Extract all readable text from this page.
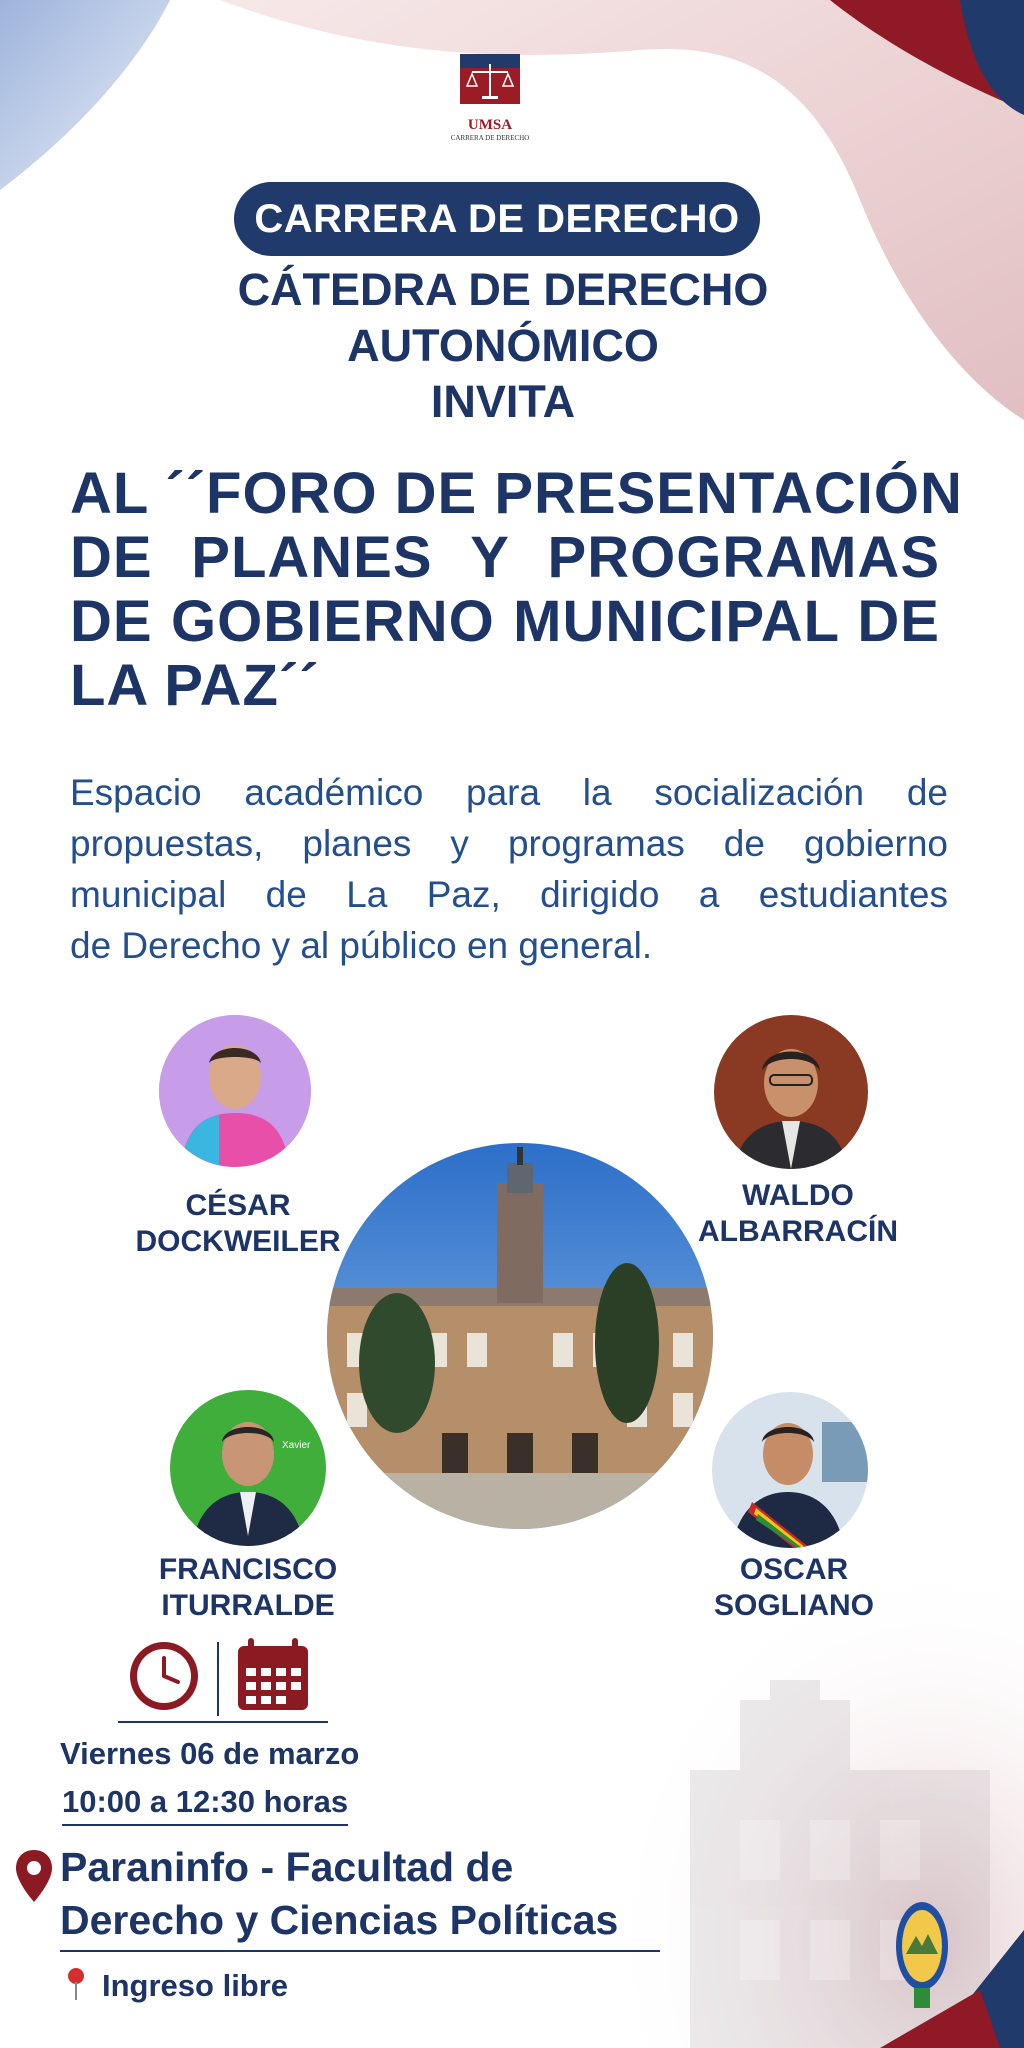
UMSA
CARRERA DE DERECHO
CARRERA DE DERECHO
CÁTEDRA DE DERECHO
AUTONÓMICO
INVITA
AL ´´FORO DE PRESENTACIÓN
DE PLANES Y PROGRAMAS
DE GOBIERNO MUNICIPAL DE
LA PAZ´´
Espacio académico para la socialización de
propuestas, planes y programas de gobierno
municipal de La Paz, dirigido a estudiantes
de Derecho y al público en general.
CÉSAR
DOCKWEILER
WALDO
ALBARRACÍN
Xavier
FRANCISCO
ITURRALDE
OSCAR
SOGLIANO
Viernes 06 de marzo
10:00 a 12:30 horas
Paraninfo - Facultad de
Derecho y Ciencias Políticas
Ingreso libre
